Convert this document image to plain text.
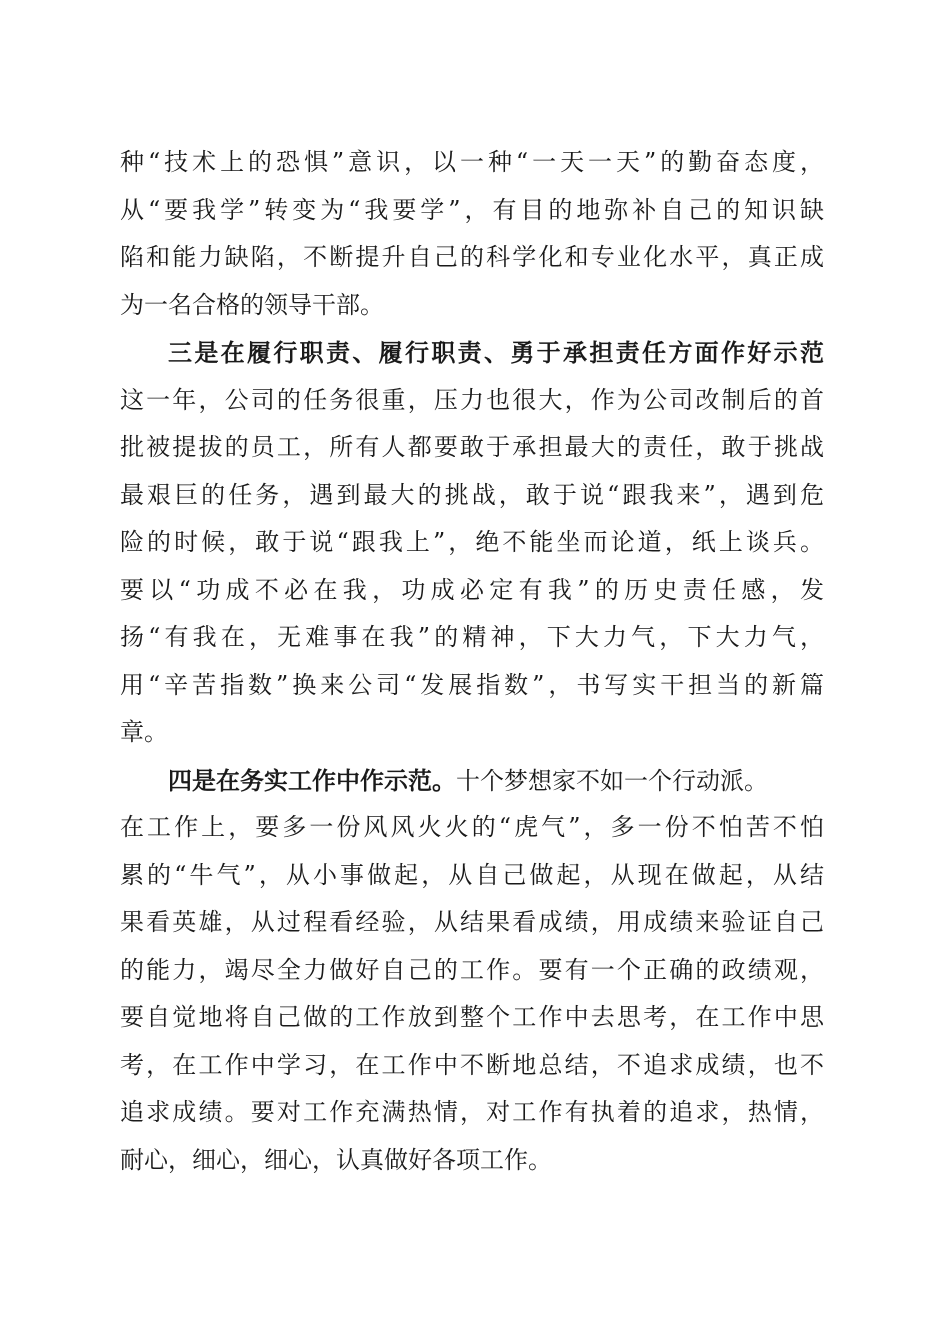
种“技术上的恐惧”意识，以一种“一天一天”的勤奋态度，
从“要我学”转变为“我要学”，有目的地弥补自己的知识缺
陷和能力缺陷，不断提升自己的科学化和专业化水平，真正成
为一名合格的领导干部。
三是在履行职责、履行职责、勇于承担责任方面作好示范
这一年，公司的任务很重，压力也很大，作为公司改制后的首
批被提拔的员工，所有人都要敢于承担最大的责任，敢于挑战
最艰巨的任务，遇到最大的挑战，敢于说“跟我来”，遇到危
险的时候，敢于说“跟我上”，绝不能坐而论道，纸上谈兵。
要以“功成不必在我，功成必定有我”的历史责任感，发
扬“有我在，无难事在我”的精神，下大力气，下大力气，
用“辛苦指数”换来公司“发展指数”，书写实干担当的新篇
章。
四是在务实工作中作示范。十个梦想家不如一个行动派。
在工作上，要多一份风风火火的“虎气”，多一份不怕苦不怕
累的“牛气”，从小事做起，从自己做起，从现在做起，从结
果看英雄，从过程看经验，从结果看成绩，用成绩来验证自己
的能力，竭尽全力做好自己的工作。要有一个正确的政绩观，
要自觉地将自己做的工作放到整个工作中去思考，在工作中思
考，在工作中学习，在工作中不断地总结，不追求成绩，也不
追求成绩。要对工作充满热情，对工作有执着的追求，热情，
耐心，细心，细心，认真做好各项工作。
